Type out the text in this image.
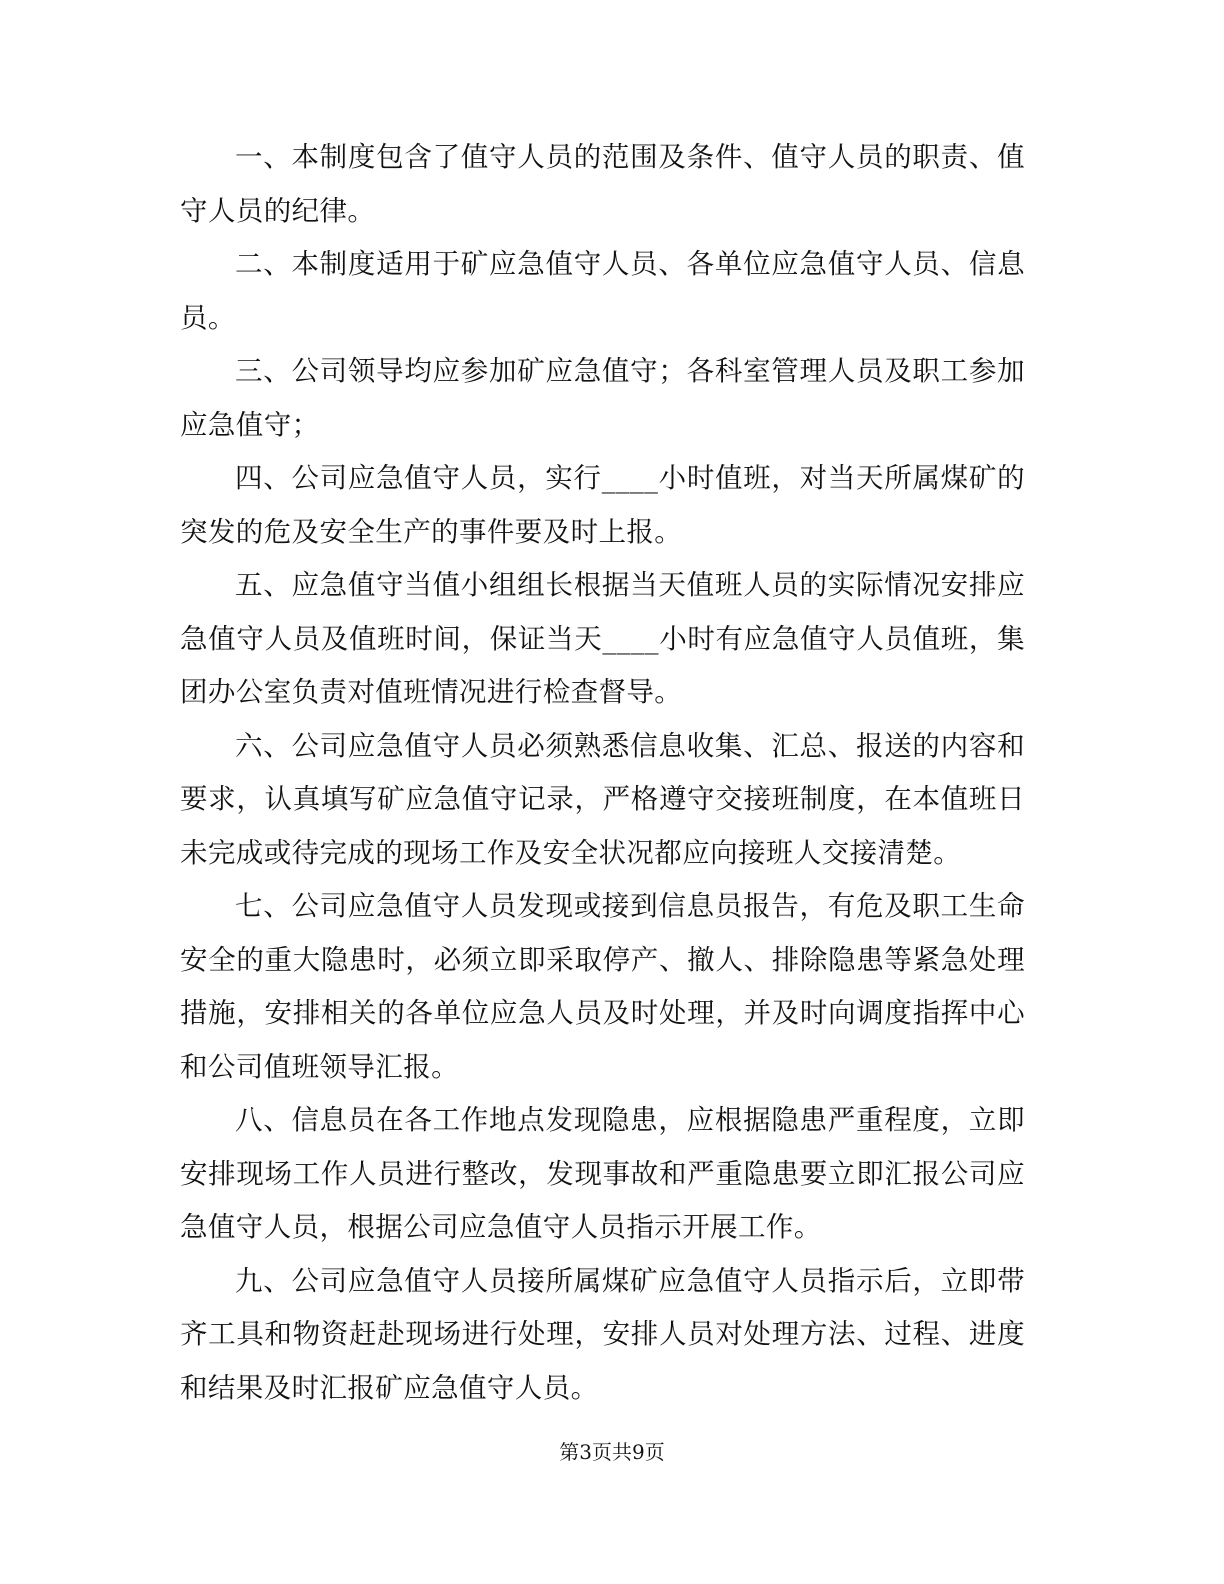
一、本制度包含了值守人员的范围及条件、值守人员的职责、值守人员的纪律。

二、本制度适用于矿应急值守人员、各单位应急值守人员、信息员。

三、公司领导均应参加矿应急值守；各科室管理人员及职工参加应急值守；

四、公司应急值守人员，实行____小时值班，对当天所属煤矿的突发的危及安全生产的事件要及时上报。

五、应急值守当值小组组长根据当天值班人员的实际情况安排应急值守人员及值班时间，保证当天____小时有应急值守人员值班，集团办公室负责对值班情况进行检查督导。

六、公司应急值守人员必须熟悉信息收集、汇总、报送的内容和要求，认真填写矿应急值守记录，严格遵守交接班制度，在本值班日未完成或待完成的现场工作及安全状况都应向接班人交接清楚。

七、公司应急值守人员发现或接到信息员报告，有危及职工生命安全的重大隐患时，必须立即采取停产、撤人、排除隐患等紧急处理措施，安排相关的各单位应急人员及时处理，并及时向调度指挥中心和公司值班领导汇报。

八、信息员在各工作地点发现隐患，应根据隐患严重程度，立即安排现场工作人员进行整改，发现事故和严重隐患要立即汇报公司应急值守人员，根据公司应急值守人员指示开展工作。

九、公司应急值守人员接所属煤矿应急值守人员指示后，立即带齐工具和物资赶赴现场进行处理，安排人员对处理方法、过程、进度和结果及时汇报矿应急值守人员。

第3页共9页
